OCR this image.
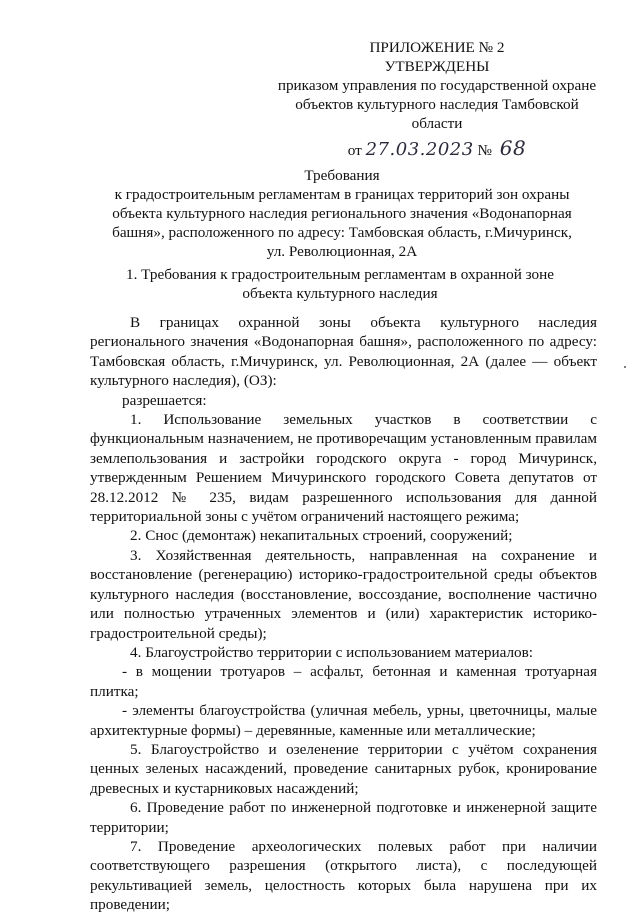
ПРИЛОЖЕНИЕ № 2
УТВЕРЖДЕНЫ
приказом управления по государственной охране
объектов культурного наследия Тамбовской
области
от 27.03.2023 № 68
Требования
к градостроительным регламентам в границах территорий зон охраны
объекта культурного наследия регионального значения «Водонапорная
башня», расположенного по адресу: Тамбовская область, г.Мичуринск,
ул. Революционная, 2А
1. Требования к градостроительным регламентам в охранной зоне
объекта культурного наследия

В границах охранной зоны объекта культурного наследия регионального значения «Водонапорная башня», расположенного по адресу: Тамбовская область, г.Мичуринск, ул. Революционная, 2А (далее — объект культурного наследия), (ОЗ):

разрешается:

1. Использование земельных участков в соответствии с функциональным назначением, не противоречащим установленным правилам землепользования и застройки городского округа - город Мичуринск, утвержденным Решением Мичуринского городского Совета депутатов от 28.12.2012 № 235, видам разрешенного использования для данной территориальной зоны с учётом ограничений настоящего режима;

2. Снос (демонтаж) некапитальных строений, сооружений;

3. Хозяйственная деятельность, направленная на сохранение и восстановление (регенерацию) историко-градостроительной среды объектов культурного наследия (восстановление, воссоздание, восполнение частично или полностью утраченных элементов и (или) характеристик историко-градостроительной среды);

4. Благоустройство территории с использованием материалов:

- в мощении тротуаров – асфальт, бетонная и каменная тротуарная плитка;

- элементы благоустройства (уличная мебель, урны, цветочницы, малые архитектурные формы) – деревянные, каменные или металлические;

5. Благоустройство и озеленение территории с учётом сохранения ценных зеленых насаждений, проведение санитарных рубок, кронирование древесных и кустарниковых насаждений;

6. Проведение работ по инженерной подготовке и инженерной защите территории;

7. Проведение археологических полевых работ при наличии соответствующего разрешения (открытого листа), с последующей рекультивацией земель, целостность которых была нарушена при их проведении;
